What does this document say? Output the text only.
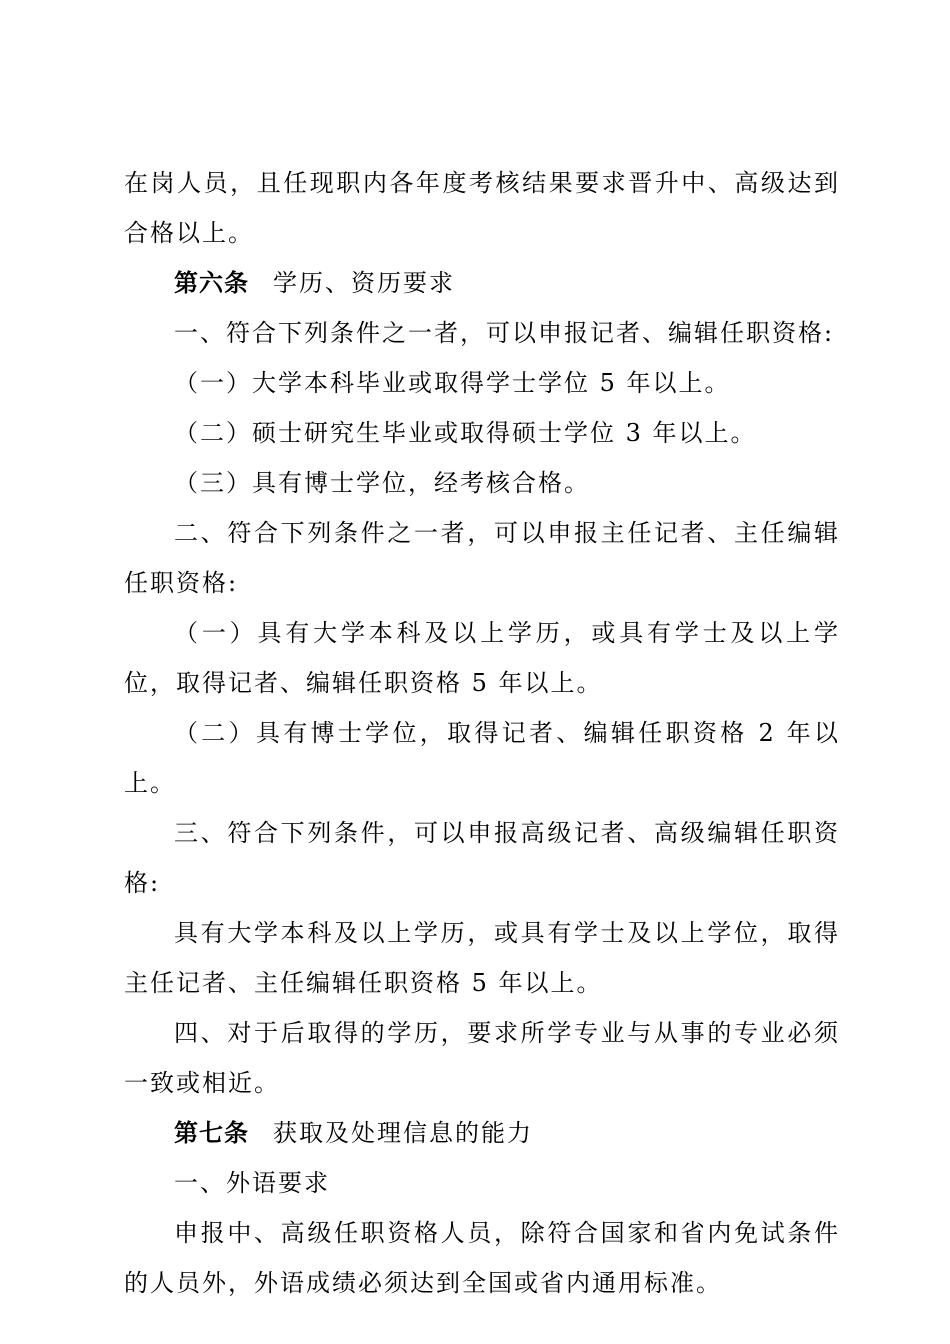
在岗人员，且任现职内各年度考核结果要求晋升中、高级达到合格以上。

第六条 学历、资历要求

一、符合下列条件之一者，可以申报记者、编辑任职资格:

（一）大学本科毕业或取得学士学位 5 年以上。

（二）硕士研究生毕业或取得硕士学位 3 年以上。

（三）具有博士学位，经考核合格。

二、符合下列条件之一者，可以申报主任记者、主任编辑任职资格:

（一）具有大学本科及以上学历，或具有学士及以上学位，取得记者、编辑任职资格 5 年以上。

（二）具有博士学位，取得记者、编辑任职资格 2 年以上。

三、符合下列条件，可以申报高级记者、高级编辑任职资格:

具有大学本科及以上学历，或具有学士及以上学位，取得主任记者、主任编辑任职资格 5 年以上。

四、对于后取得的学历，要求所学专业与从事的专业必须一致或相近。

第七条 获取及处理信息的能力

一、外语要求

申报中、高级任职资格人员，除符合国家和省内免试条件的人员外，外语成绩必须达到全国或省内通用标准。
